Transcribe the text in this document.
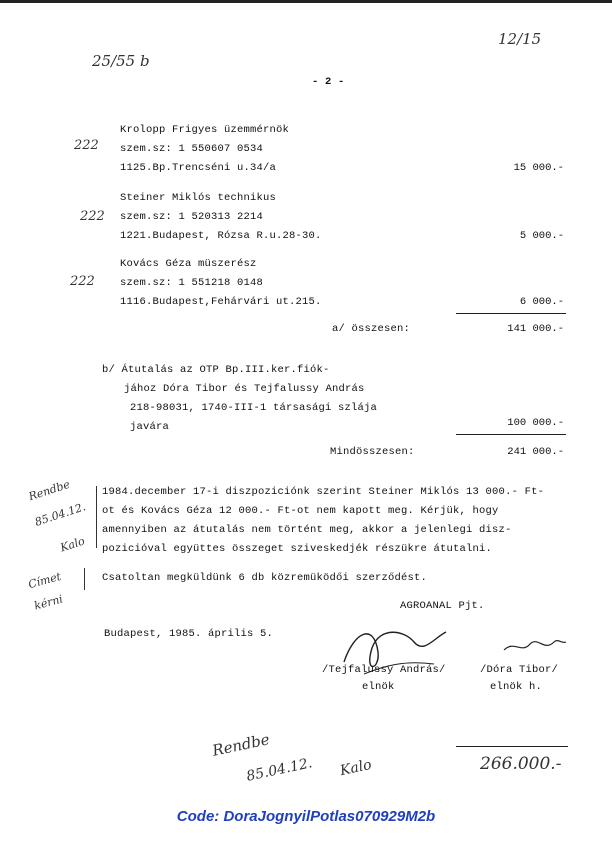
25/55 b
12/15
- 2 -
222
Krolopp Frigyes üzemmérnök
szem.sz: 1 550607 0534
1125.Bp.Trencséni u.34/a	15 000.-
222
Steiner Miklós technikus
szem.sz: 1 520313 2214
1221.Budapest, Rózsa R.u.28-30.	5 000.-
222
Kovács Géza müszerész
szem.sz: 1 551218 0148
1116.Budapest,Fehárvári ut.215.	6 000.-
a/ összesen:	141 000.-
b/ Átutalás az OTP Bp.III.ker.fiók-
jához Dóra Tibor és Tejfalussy András
218-98031, 1740-III-1 társasági szlája
javára	100 000.-
Mindösszesen:	241 000.-
Rendbe
85.04.12.
Kalo
Címet
kérni
1984.december 17-i diszpoziciónk szerint Steiner Miklós 13 000.- Ft-
ot és Kovács Géza 12 000.- Ft-ot nem kapott meg. Kérjük, hogy
amennyiben az átutalás nem történt meg, akkor a jelenlegi disz-
pozicióval együttes összeget sziveskedjék részükre átutalni.
Csatoltan megküldünk 6 db közremüködői szerződést.
AGROANAL Pjt.
Budapest, 1985. április 5.
/Tejfalussy András/
elnök
/Dóra Tibor/
elnök h.
Rendbe
85.04.12. Kalo	266.000.-
Code: DoraJognyilPotlas070929M2b
